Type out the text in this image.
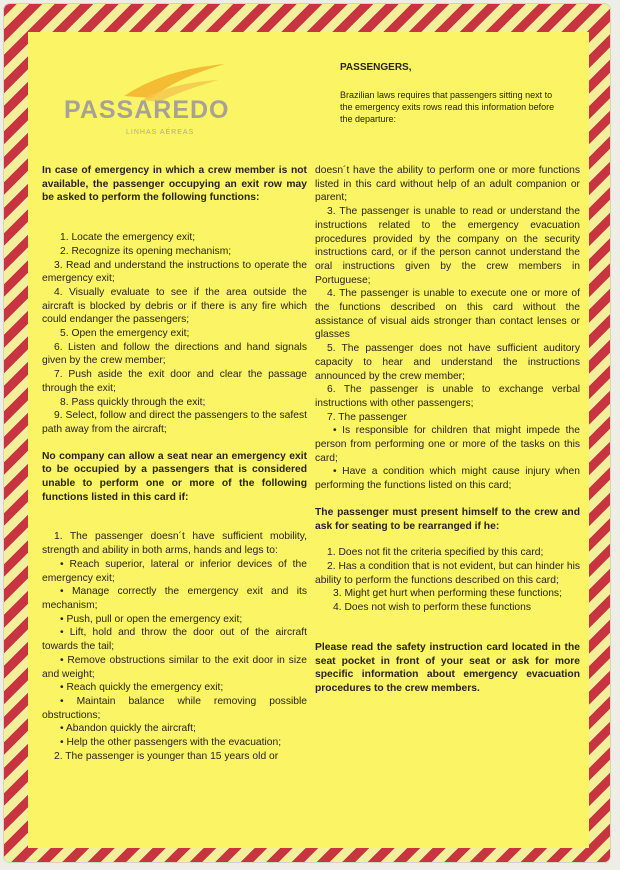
PASSAREDO
LINHAS AÉREAS
PASSENGERS,
Brazilian laws requires that passengers sitting next to the emergency exits rows read this information before the departure:

In case of emergency in which a crew member is not available, the passenger occupying an exit row may be asked to perform the following functions:

1. Locate the emergency exit;

2. Recognize its opening mechanism;

3. Read and understand the instructions to operate the emergency exit;

4. Visually evaluate to see if the area outside the aircraft is blocked by debris or if there is any fire which could endanger the passengers;

5. Open the emergency exit;

6. Listen and follow the directions and hand signals given by the crew member;

7. Push aside the exit door and clear the passage through the exit;

8. Pass quickly through the exit;

9. Select, follow and direct the passengers to the safest path away from the aircraft;

No company can allow a seat near an emergency exit to be occupied by a passengers that is considered unable to perform one or more of the following functions listed in this card if:

1. The passenger doesn´t have sufficient mobility, strength and ability in both arms, hands and legs to:

• Reach superior, lateral or inferior devices of the emergency exit;

• Manage correctly the emergency exit and its mechanism;

• Push, pull or open the emergency exit;

• Lift, hold and throw the door out of the aircraft towards the tail;

• Remove obstructions similar to the exit door in size and weight;

• Reach quickly the emergency exit;

• Maintain balance while removing possible obstructions;

• Abandon quickly the aircraft;

• Help the other passengers with the evacuation;

2. The passenger is younger than 15 years old or

doesn´t have the ability to perform one or more functions listed in this card without help of an adult companion or parent;

3. The passenger is unable to read or understand the instructions related to the emergency evacuation procedures provided by the company on the security instructions card, or if the person cannot understand the oral instructions given by the crew members in Portuguese;

4. The passenger is unable to execute one or more of the functions described on this card without the assistance of visual aids stronger than contact lenses or glasses

5. The passenger does not have sufficient auditory capacity to hear and understand the instructions announced by the crew member;

6. The passenger is unable to exchange verbal instructions with other passengers;

7. The passenger

• Is responsible for children that might impede the person from performing one or more of the tasks on this card;

• Have a condition which might cause injury when performing the functions listed on this card;

The passenger must present himself to the crew and ask for seating to be rearranged if he:

1. Does not fit the criteria specified by this card;

2. Has a condition that is not evident, but can hinder his ability to perform the functions described on this card;

3. Might get hurt when performing these functions;

4. Does not wish to perform these functions

Please read the safety instruction card located in the seat pocket in front of your seat or ask for more specific information about emergency evacuation procedures to the crew members.
